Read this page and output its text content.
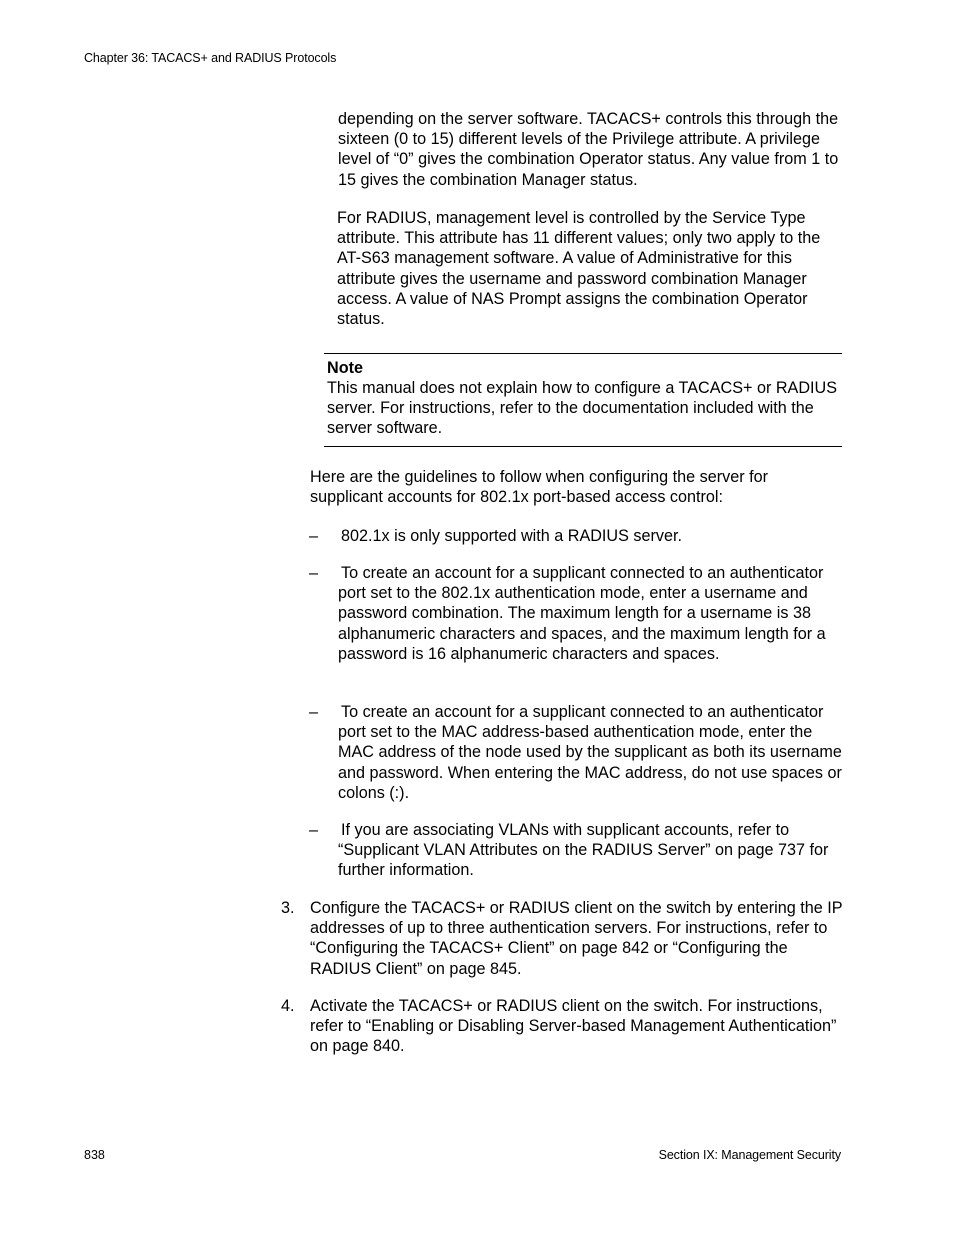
Chapter 36: TACACS+ and RADIUS Protocols

depending on the server software. TACACS+ controls this through the sixteen (0 to 15) different levels of the Privilege attribute. A privilege level of “0” gives the combination Operator status. Any value from 1 to 15 gives the combination Manager status.

For RADIUS, management level is controlled by the Service Type attribute. This attribute has 11 different values; only two apply to the AT-S63 management software. A value of Administrative for this attribute gives the username and password combination Manager access. A value of NAS Prompt assigns the combination Operator status.

Note

This manual does not explain how to configure a TACACS+ or RADIUS server. For instructions, refer to the documentation included with the server software.

Here are the guidelines to follow when configuring the server for supplicant accounts for 802.1x port-based access control:

– 802.1x is only supported with a RADIUS server.

– To create an account for a supplicant connected to an authenticator port set to the 802.1x authentication mode, enter a username and password combination. The maximum length for a username is 38 alphanumeric characters and spaces, and the maximum length for a password is 16 alphanumeric characters and spaces.

– To create an account for a supplicant connected to an authenticator port set to the MAC address-based authentication mode, enter the MAC address of the node used by the supplicant as both its username and password. When entering the MAC address, do not use spaces or colons (:).

– If you are associating VLANs with supplicant accounts, refer to “Supplicant VLAN Attributes on the RADIUS Server” on page 737 for further information.

3. Configure the TACACS+ or RADIUS client on the switch by entering the IP addresses of up to three authentication servers. For instructions, refer to “Configuring the TACACS+ Client” on page 842 or “Configuring the RADIUS Client” on page 845.

4. Activate the TACACS+ or RADIUS client on the switch. For instructions, refer to “Enabling or Disabling Server-based Management Authentication” on page 840.

838	Section IX: Management Security
